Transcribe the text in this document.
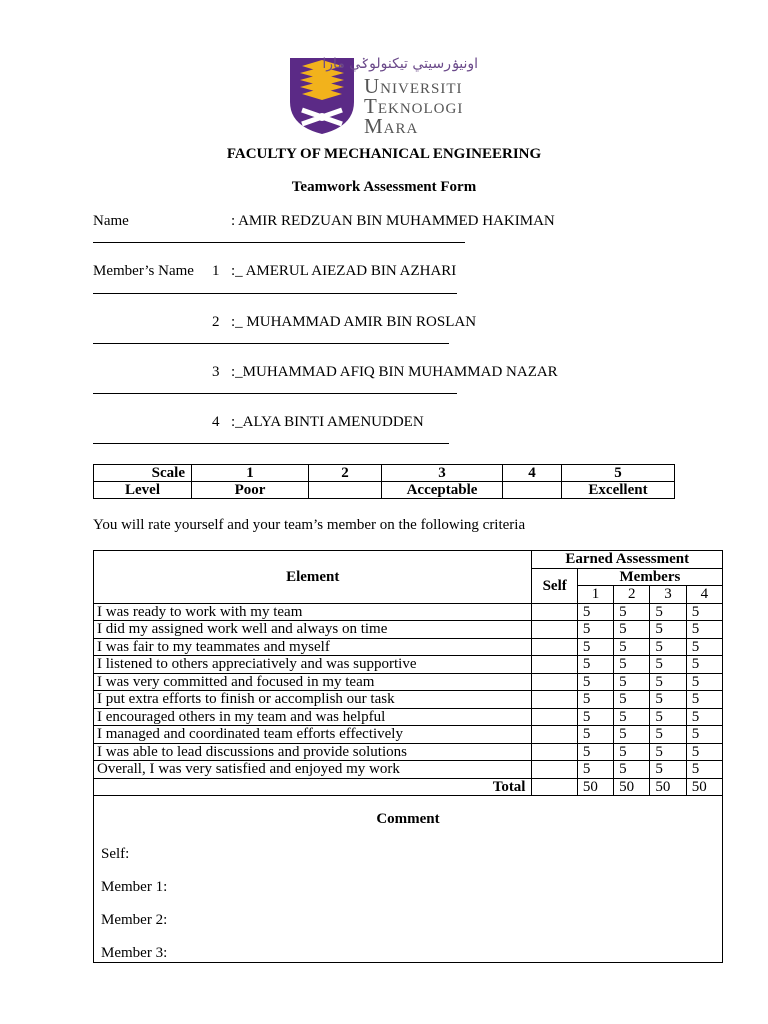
اونيۏرسيتي تيکنولوݢي مارا
Universiti
Teknologi
Mara
FACULTY OF MECHANICAL ENGINEERING
Teamwork Assessment Form
Name	: AMIR REDZUAN BIN MUHAMMED HAKIMAN
Member’s Name 1 :_ AMERUL AIEZAD BIN AZHARI
2 :_ MUHAMMAD AMIR BIN ROSLAN
3 :_MUHAMMAD AFIQ BIN MUHAMMAD NAZAR
4 :_ALYA BINTI AMENUDDEN
Scale	1	2	3	4	5
Level	Poor		Acceptable		Excellent
You will rate yourself and your team’s member on the following criteria
Element	Earned Assessment				
	Self	Members			
		1	2	3	4
I was ready to work with my team		5	5	5	5
I did my assigned work well and always on time		5	5	5	5
I was fair to my teammates and myself		5	5	5	5
I listened to others appreciatively and was supportive		5	5	5	5
I was very committed and focused in my team		5	5	5	5
I put extra efforts to finish or accomplish our task		5	5	5	5
I encouraged others in my team and was helpful		5	5	5	5
I managed and coordinated team efforts effectively		5	5	5	5
I was able to lead discussions and provide solutions		5	5	5	5
Overall, I was very satisfied and enjoyed my work		5	5	5	5
Total		50	50	50	50
Comment
Self:
Member 1:
Member 2:
Member 3:
